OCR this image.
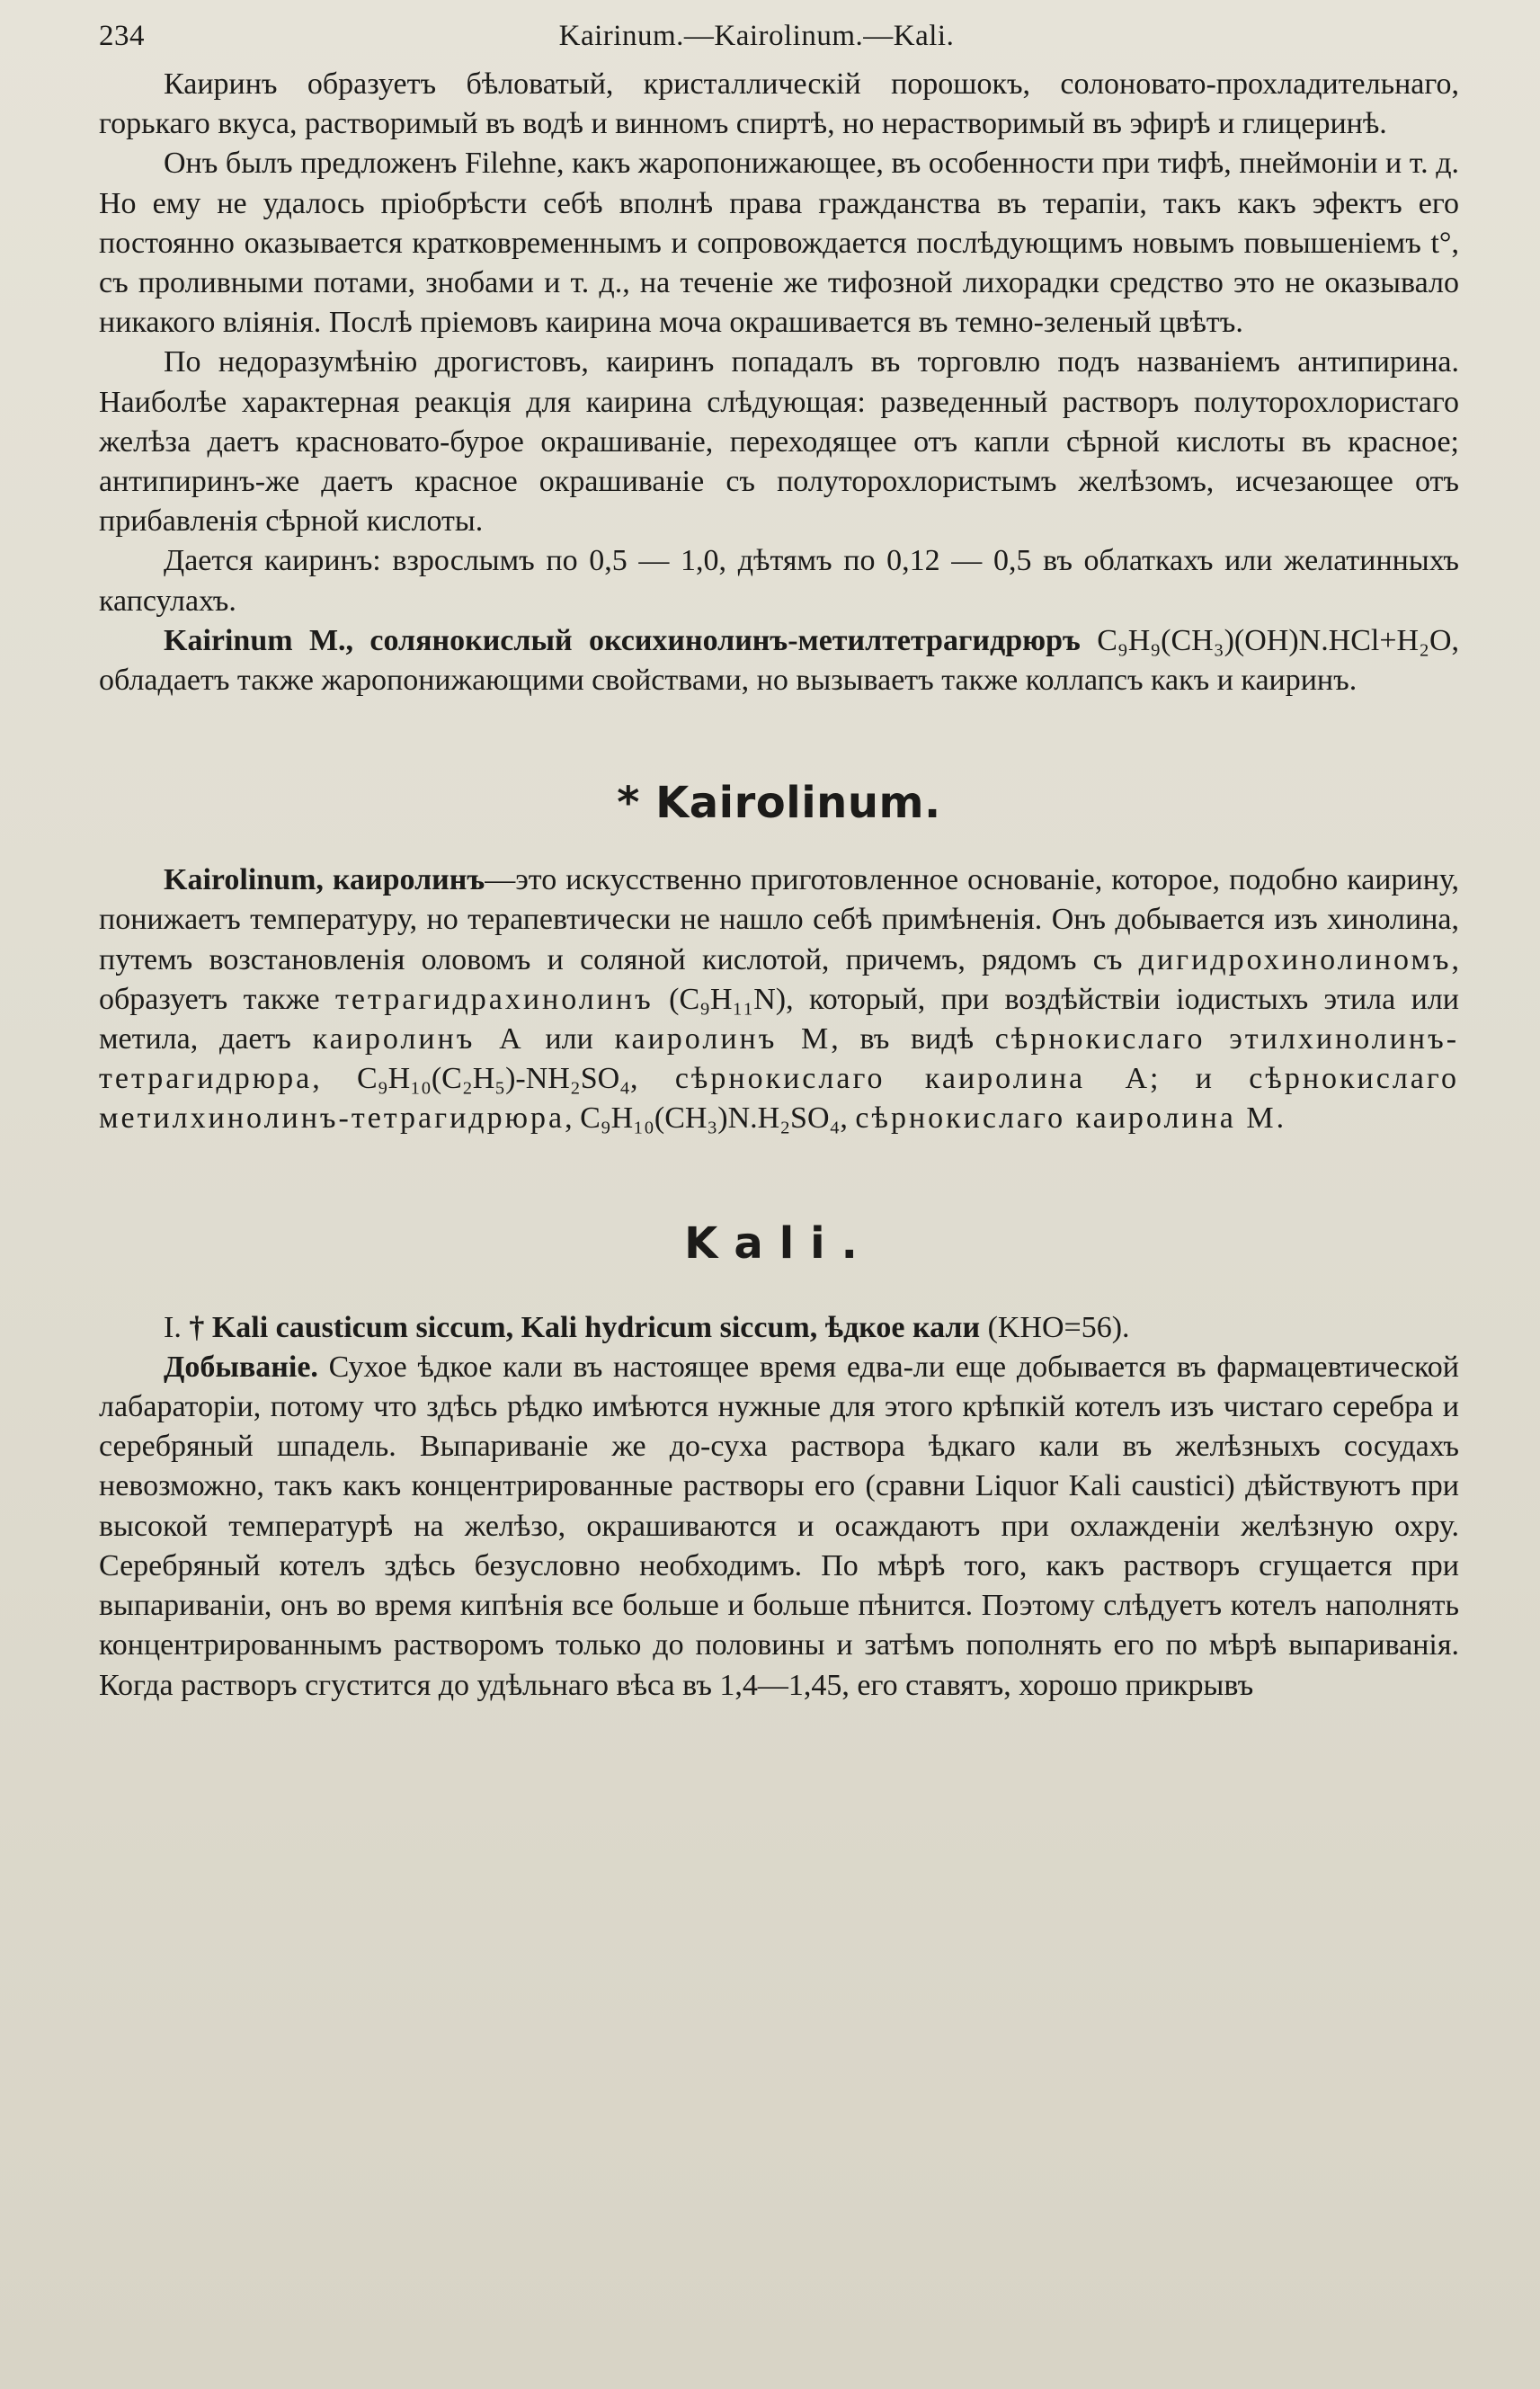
234	Kairinum.—Kairolinum.—Kali.

Каиринъ образуетъ бѣловатый, кристаллическій порошокъ, солоновато-прохладительнаго, горькаго вкуса, растворимый въ водѣ и винномъ спиртѣ, но нерастворимый въ эфирѣ и глицеринѣ.

Онъ былъ предложенъ Filehne, какъ жаропонижающее, въ особенности при тифѣ, пнеймоніи и т. д. Но ему не удалось пріобрѣсти себѣ вполнѣ права гражданства въ терапіи, такъ какъ эфектъ его постоянно оказывается кратковременнымъ и сопровождается послѣдующимъ новымъ повышеніемъ t°, съ проливными потами, знобами и т. д., на теченіе же тифозной лихорадки средство это не оказывало никакого вліянія. Послѣ пріемовъ каирина моча окрашивается въ темно-зеленый цвѣтъ.

По недоразумѣнію дрогистовъ, каиринъ попадалъ въ торговлю подъ названіемъ антипирина. Наиболѣе характерная реакція для каирина слѣдующая: разведенный растворъ полуторохлористаго желѣза даетъ красновато-бурое окрашиваніе, переходящее отъ капли сѣрной кислоты въ красное; антипиринъ-же даетъ красное окрашиваніе съ полуторохлористымъ желѣзомъ, исчезающее отъ прибавленія сѣрной кислоты.

Дается каиринъ: взрослымъ по 0,5 — 1,0, дѣтямъ по 0,12 — 0,5 въ облаткахъ или желатинныхъ капсулахъ.

Kairinum M., солянокислый оксихинолинъ-метилтетрагидрюръ C₉H₉(CH₃)(OH)N.HCl+H₂O, обладаетъ также жаропонижающими свойствами, но вызываетъ также коллапсъ какъ и каиринъ.

* Kairolinum.

Kairolinum, каиролинъ—это искусственно приготовленное основаніе, которое, подобно каирину, понижаетъ температуру, но терапевтически не нашло себѣ примѣненія. Онъ добывается изъ хинолина, путемъ возстановленія оловомъ и соляной кислотой, причемъ, рядомъ съ дигидрохинолиномъ, образуетъ также тетрагидрахинолинъ (C₉H₁₁N), который, при воздѣйствіи іодистыхъ этила или метила, даетъ каиролинъ А или каиролинъ М, въ видѣ сѣрнокислаго этилхинолинъ-тетрагидрюра, C₉H₁₀(C₂H₅)-NH₂SO₄, сѣрнокислаго каиролина А; и сѣрнокислаго метилхинолинъ-тетрагидрюра, C₉H₁₀(CH₃)N.H₂SO₄, сѣрнокислаго каиролина М.

Kali.

I. † Kali causticum siccum, Kali hydricum siccum, ѣдкое кали (KHO=56).

Добываніе. Сухое ѣдкое кали въ настоящее время едва-ли еще добывается въ фармацевтической лабараторіи, потому что здѣсь рѣдко имѣются нужные для этого крѣпкій котелъ изъ чистаго серебра и серебряный шпадель. Выпариваніе же до-суха раствора ѣдкаго кали въ желѣзныхъ сосудахъ невозможно, такъ какъ концентрированные растворы его (сравни Liquor Kali caustici) дѣйствуютъ при высокой температурѣ на желѣзо, окрашиваются и осаждаютъ при охлажденіи желѣзную охру. Серебряный котелъ здѣсь безусловно необходимъ. По мѣрѣ того, какъ растворъ сгущается при выпариваніи, онъ во время кипѣнія все больше и больше пѣнится. Поэтому слѣдуетъ котелъ наполнять концентрированнымъ растворомъ только до половины и затѣмъ пополнять его по мѣрѣ выпариванія. Когда растворъ сгустится до удѣльнаго вѣса въ 1,4—1,45, его ставятъ, хорошо прикрывъ
